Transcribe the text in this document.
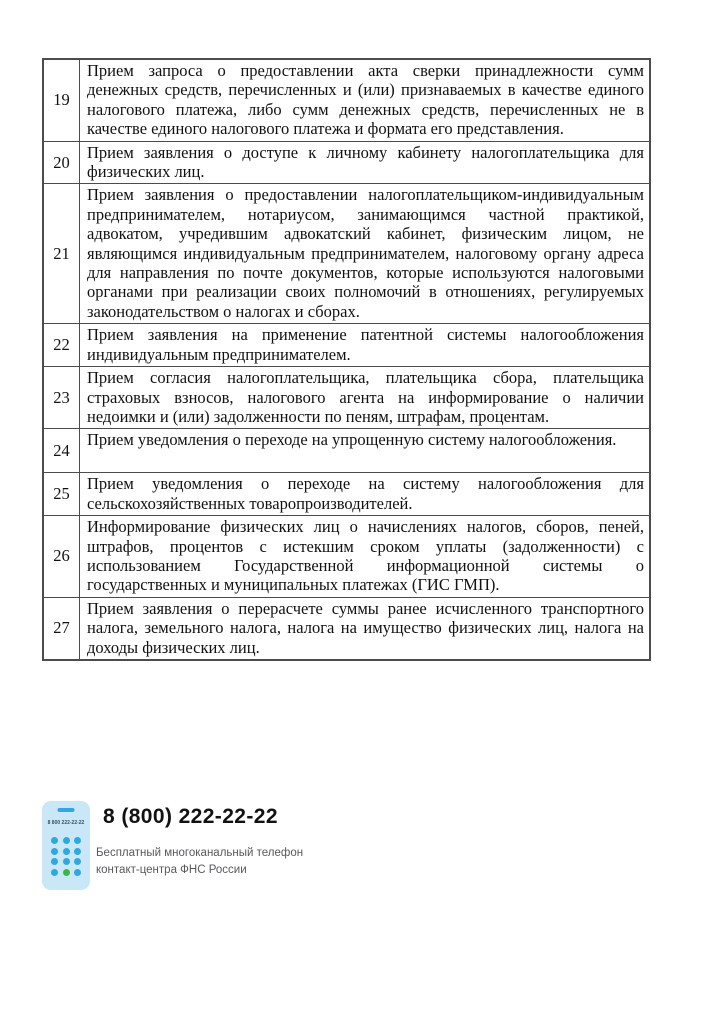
19	Прием запроса о предоставлении акта сверки принадлежности сумм денежных средств, перечисленных и (или) признаваемых в качестве единого налогового платежа, либо сумм денежных средств, перечисленных не в качестве единого налогового платежа и формата его представления.
20	Прием заявления о доступе к личному кабинету налогоплательщика для физических лиц.
21	Прием заявления о предоставлении налогоплательщиком-индивидуальным предпринимателем, нотариусом, занимающимся частной практикой, адвокатом, учредившим адвокатский кабинет, физическим лицом, не являющимся индивидуальным предпринимателем, налоговому органу адреса для направления по почте документов, которые используются налоговыми органами при реализации своих полномочий в отношениях, регулируемых законодательством о налогах и сборах.
22	Прием заявления на применение патентной системы налогообложения индивидуальным предпринимателем.
23	Прием согласия налогоплательщика, плательщика сбора, плательщика страховых взносов, налогового агента на информирование о наличии недоимки и (или) задолженности по пеням, штрафам, процентам.
24	Прием уведомления о переходе на упрощенную систему налогообложения.
25	Прием уведомления о переходе на систему налогообложения для сельскохозяйственных товаропроизводителей.
26	Информирование физических лиц о начислениях налогов, сборов, пеней, штрафов, процентов с истекшим сроком уплаты (задолженности) с использованием Государственной информационной системы о государственных и муниципальных платежах (ГИС ГМП).
27	Прием заявления о перерасчете суммы ранее исчисленного транспортного налога, земельного налога, налога на имущество физических лиц, налога на доходы физических лиц.
8 800 222-22-22 8 (800) 222-22-22
Бесплатный многоканальный телефон
контакт-центра ФНС России
